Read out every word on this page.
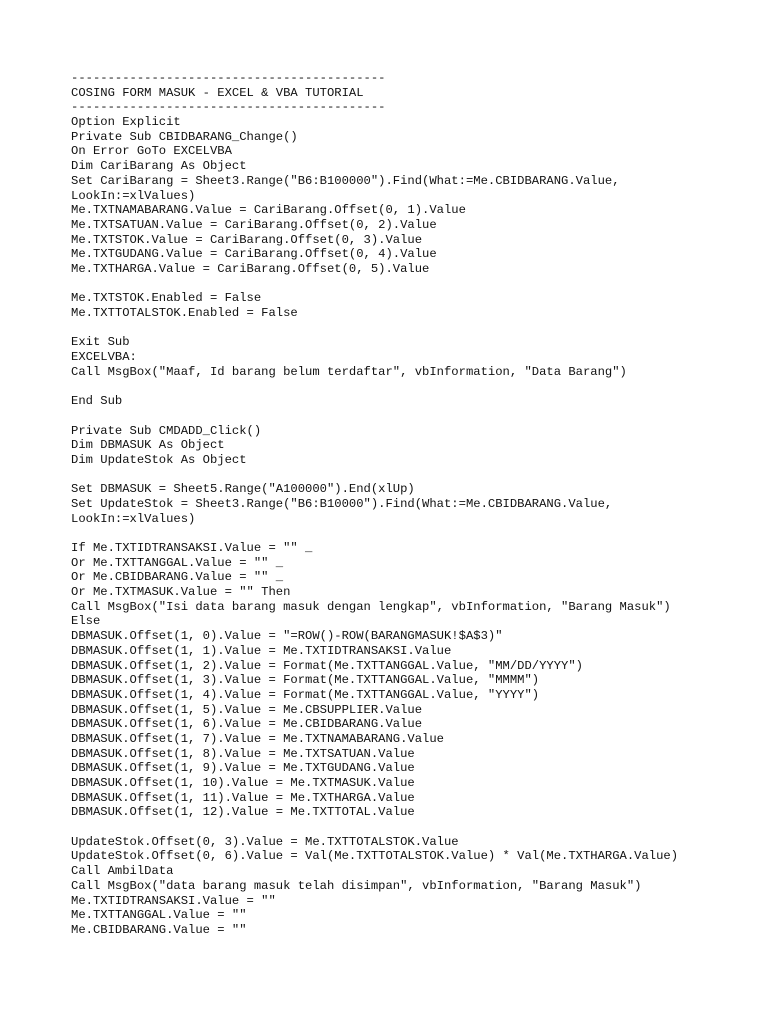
-------------------------------------------
COSING FORM MASUK - EXCEL & VBA TUTORIAL
-------------------------------------------
Option Explicit
Private Sub CBIDBARANG_Change()
On Error GoTo EXCELVBA
Dim CariBarang As Object
Set CariBarang = Sheet3.Range("B6:B100000").Find(What:=Me.CBIDBARANG.Value,
LookIn:=xlValues)
Me.TXTNAMABARANG.Value = CariBarang.Offset(0, 1).Value
Me.TXTSATUAN.Value = CariBarang.Offset(0, 2).Value
Me.TXTSTOK.Value = CariBarang.Offset(0, 3).Value
Me.TXTGUDANG.Value = CariBarang.Offset(0, 4).Value
Me.TXTHARGA.Value = CariBarang.Offset(0, 5).Value
Me.TXTSTOK.Enabled = False
Me.TXTTOTALSTOK.Enabled = False
Exit Sub
EXCELVBA:
Call MsgBox("Maaf, Id barang belum terdaftar", vbInformation, "Data Barang")
End Sub
Private Sub CMDADD_Click()
Dim DBMASUK As Object
Dim UpdateStok As Object
Set DBMASUK = Sheet5.Range("A100000").End(xlUp)
Set UpdateStok = Sheet3.Range("B6:B10000").Find(What:=Me.CBIDBARANG.Value,
LookIn:=xlValues)
If Me.TXTIDTRANSAKSI.Value = "" _
Or Me.TXTTANGGAL.Value = "" _
Or Me.CBIDBARANG.Value = "" _
Or Me.TXTMASUK.Value = "" Then
Call MsgBox("Isi data barang masuk dengan lengkap", vbInformation, "Barang Masuk")
Else
DBMASUK.Offset(1, 0).Value = "=ROW()-ROW(BARANGMASUK!$A$3)"
DBMASUK.Offset(1, 1).Value = Me.TXTIDTRANSAKSI.Value
DBMASUK.Offset(1, 2).Value = Format(Me.TXTTANGGAL.Value, "MM/DD/YYYY")
DBMASUK.Offset(1, 3).Value = Format(Me.TXTTANGGAL.Value, "MMMM")
DBMASUK.Offset(1, 4).Value = Format(Me.TXTTANGGAL.Value, "YYYY")
DBMASUK.Offset(1, 5).Value = Me.CBSUPPLIER.Value
DBMASUK.Offset(1, 6).Value = Me.CBIDBARANG.Value
DBMASUK.Offset(1, 7).Value = Me.TXTNAMABARANG.Value
DBMASUK.Offset(1, 8).Value = Me.TXTSATUAN.Value
DBMASUK.Offset(1, 9).Value = Me.TXTGUDANG.Value
DBMASUK.Offset(1, 10).Value = Me.TXTMASUK.Value
DBMASUK.Offset(1, 11).Value = Me.TXTHARGA.Value
DBMASUK.Offset(1, 12).Value = Me.TXTTOTAL.Value
UpdateStok.Offset(0, 3).Value = Me.TXTTOTALSTOK.Value
UpdateStok.Offset(0, 6).Value = Val(Me.TXTTOTALSTOK.Value) * Val(Me.TXTHARGA.Value)
Call AmbilData
Call MsgBox("data barang masuk telah disimpan", vbInformation, "Barang Masuk")
Me.TXTIDTRANSAKSI.Value = ""
Me.TXTTANGGAL.Value = ""
Me.CBIDBARANG.Value = ""
